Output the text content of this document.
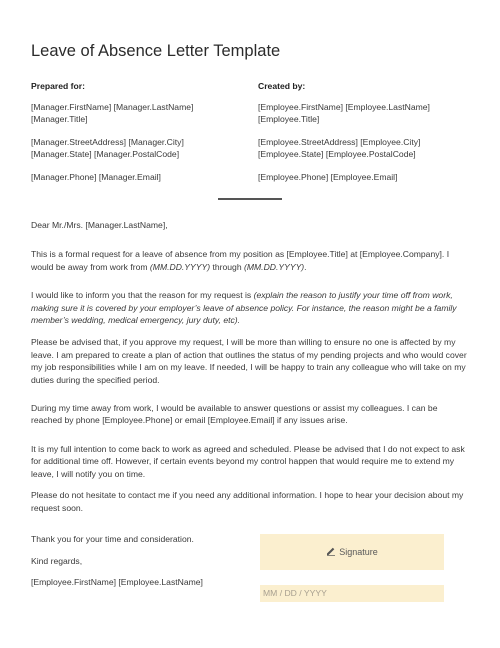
Leave of Absence Letter Template
Prepared for:
[Manager.FirstName] [Manager.LastName]
[Manager.Title]
[Manager.StreetAddress] [Manager.City]
[Manager.State] [Manager.PostalCode]
[Manager.Phone] [Manager.Email]
Created by:
[Employee.FirstName] [Employee.LastName]
[Employee.Title]
[Employee.StreetAddress] [Employee.City]
[Employee.State] [Employee.PostalCode]
[Employee.Phone] [Employee.Email]

Dear Mr./Mrs. [Manager.LastName],

This is a formal request for a leave of absence from my position as [Employee.Title] at [Employee.Company]. I would be away from work from (MM.DD.YYYY) through (MM.DD.YYYY).

I would like to inform you that the reason for my request is (explain the reason to justify your time off from work, making sure it is covered by your employer’s leave of absence policy. For instance, the reason might be a family member’s wedding, medical emergency, jury duty, etc).

Please be advised that, if you approve my request, I will be more than willing to ensure no one is affected by my leave. I am prepared to create a plan of action that outlines the status of my pending projects and who would cover my job responsibilities while I am on my leave. If needed, I will be happy to train any colleague who will take on my duties during the specified period.

During my time away from work, I would be available to answer questions or assist my colleagues. I can be reached by phone [Employee.Phone] or email [Employee.Email] if any issues arise.

It is my full intention to come back to work as agreed and scheduled. Please be advised that I do not expect to ask for additional time off. However, if certain events beyond my control happen that would require me to extend my leave, I will notify you on time.

Please do not hesitate to contact me if you need any additional information. I hope to hear your decision about my request soon.

Thank you for your time and consideration.
Kind regards,
[Employee.FirstName] [Employee.LastName]
Signature
MM / DD / YYYY
